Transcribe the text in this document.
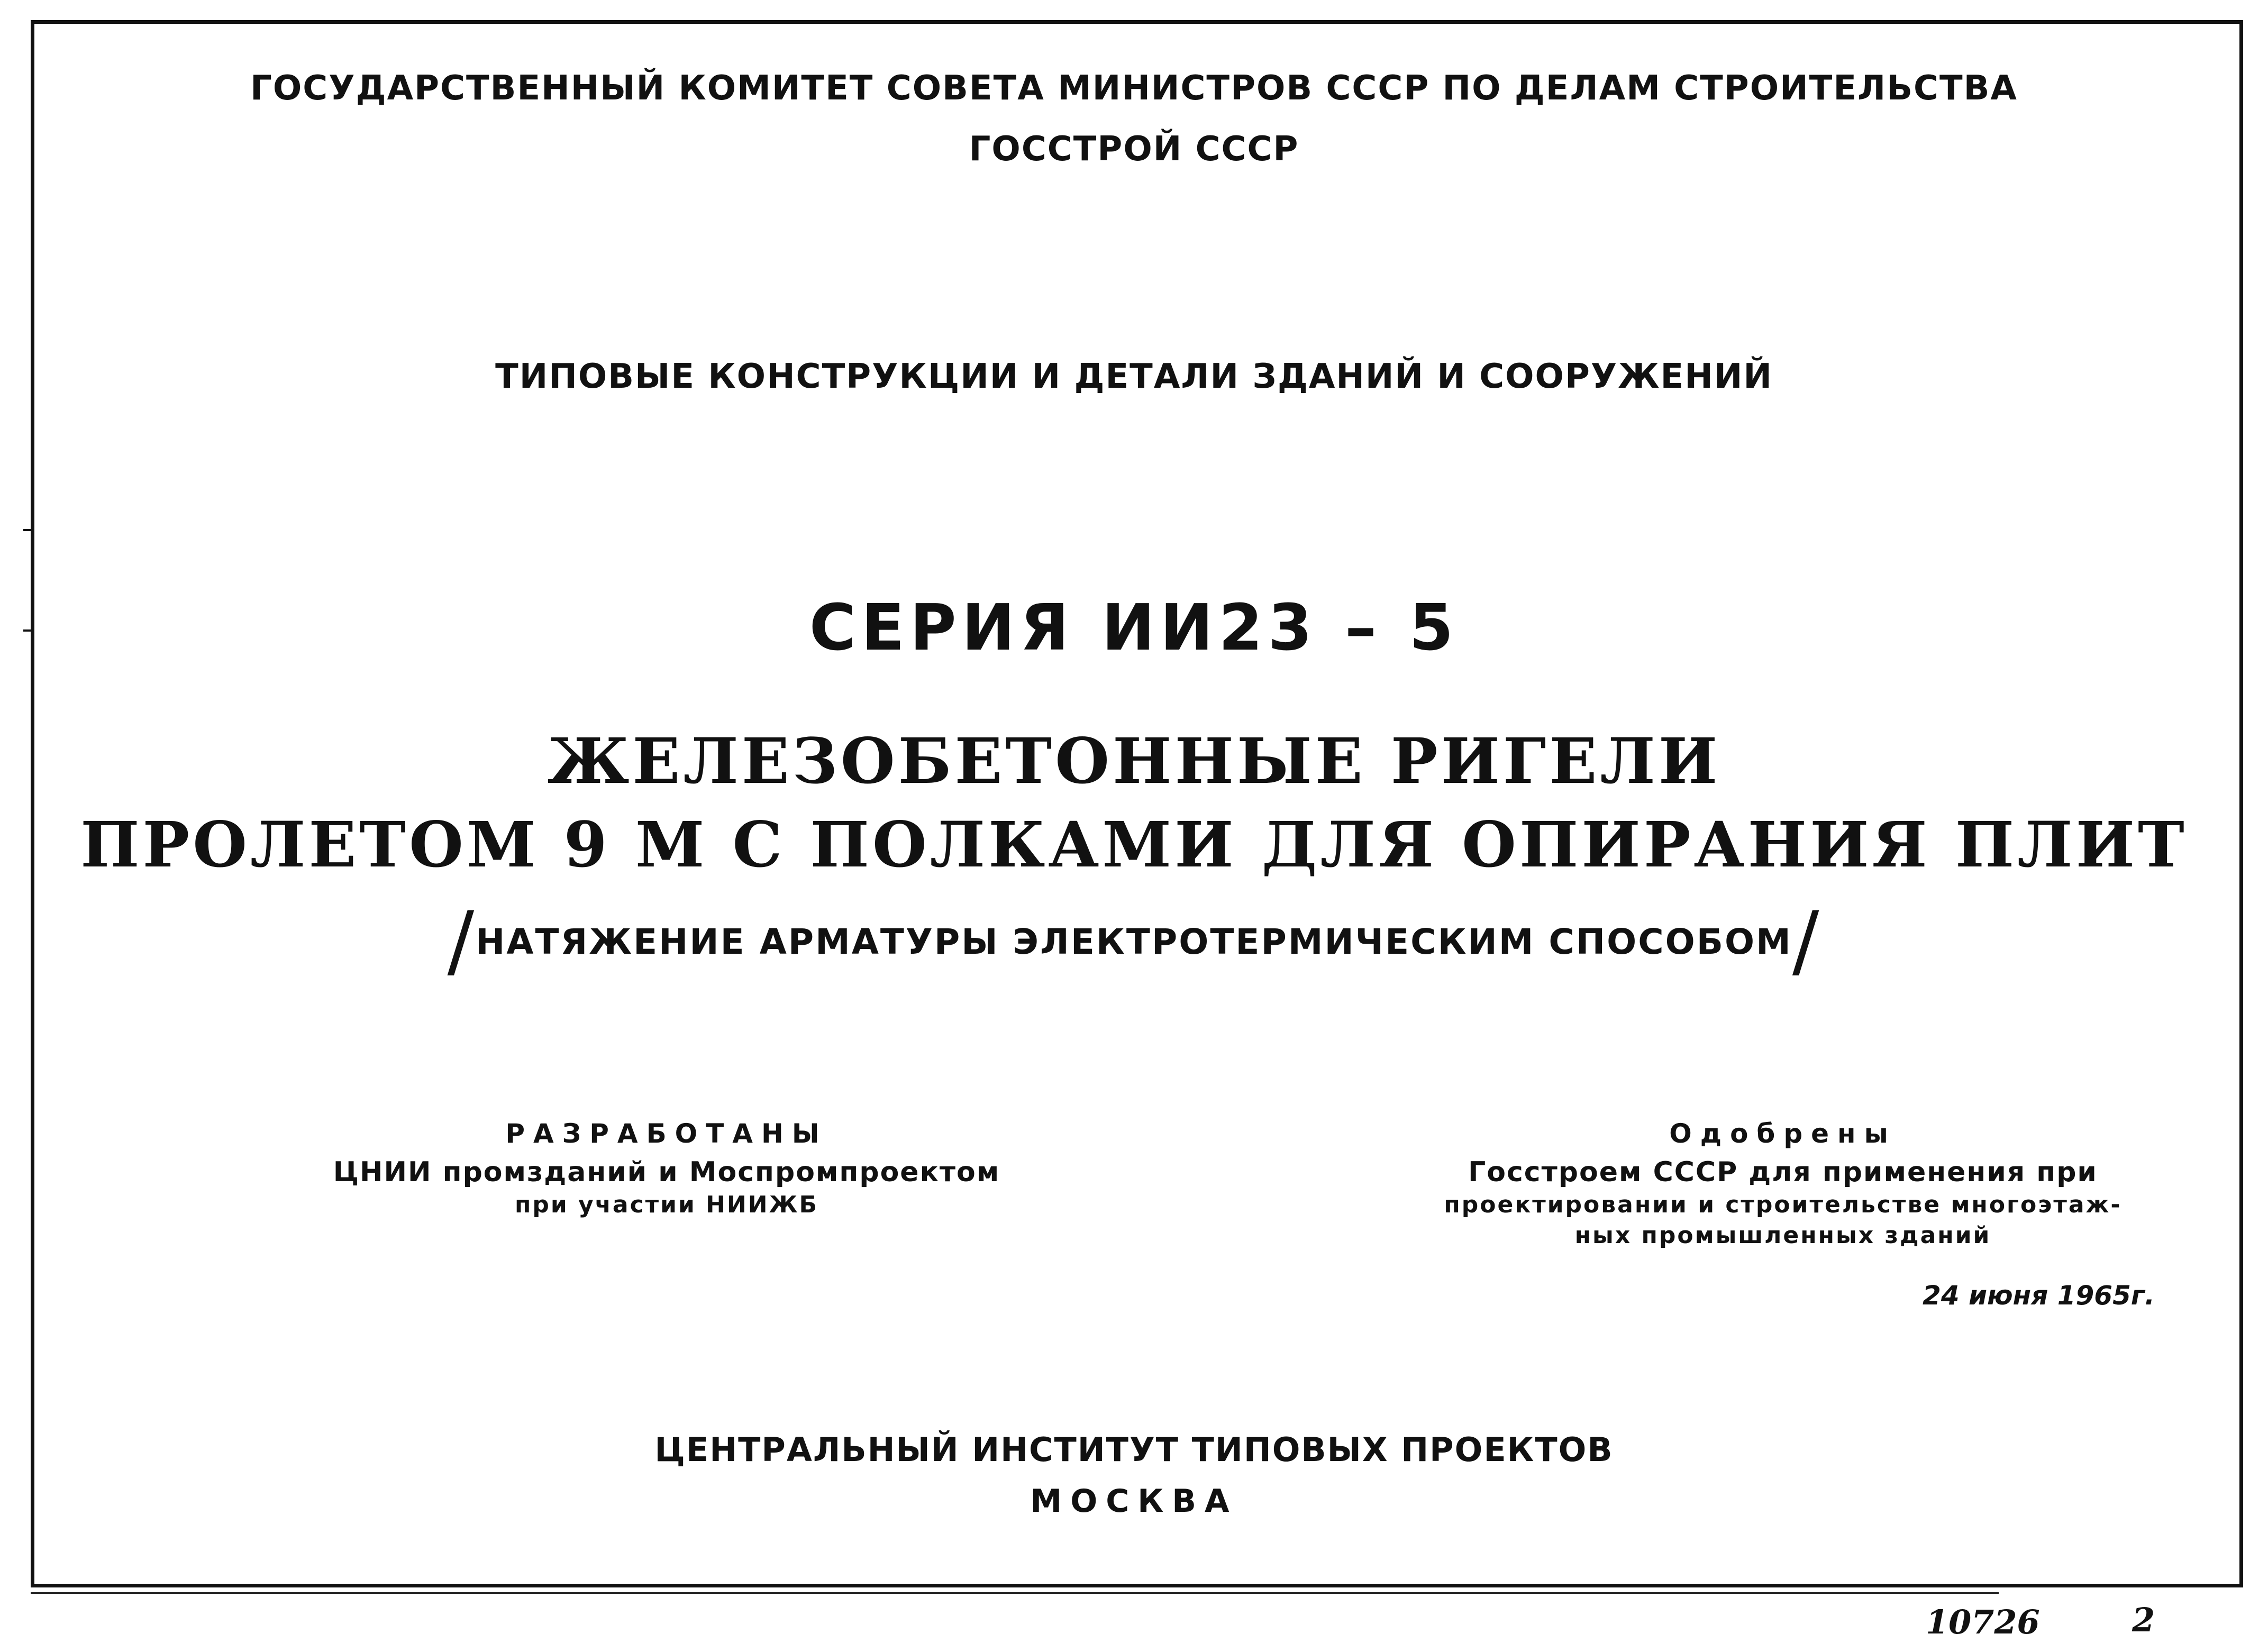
ГОСУДАРСТВЕННЫЙ КОМИТЕТ СОВЕТА МИНИСТРОВ СССР ПО ДЕЛАМ СТРОИТЕЛЬСТВА
ГОССТРОЙ СССР
ТИПОВЫЕ КОНСТРУКЦИИ И ДЕТАЛИ ЗДАНИЙ И СООРУЖЕНИЙ
СЕРИЯ ИИ23 – 5
ЖЕЛЕЗОБЕТОННЫЕ РИГЕЛИ
ПРОЛЕТОМ 9 М С ПОЛКАМИ ДЛЯ ОПИРАНИЯ ПЛИТ
/НАТЯЖЕНИЕ АРМАТУРЫ ЭЛЕКТРОТЕРМИЧЕСКИМ СПОСОБОМ/
РАЗРАБОТАНЫ
ЦНИИ промзданий и Моспромпроектом
при участии НИИЖБ
Одобрены
Госстроем СССР для применения при
проектировании и строительстве многоэтаж-
ных промышленных зданий
24 июня 1965г.
ЦЕНТРАЛЬНЫЙ ИНСТИТУТ ТИПОВЫХ ПРОЕКТОВ
МОСКВА
10726	2
